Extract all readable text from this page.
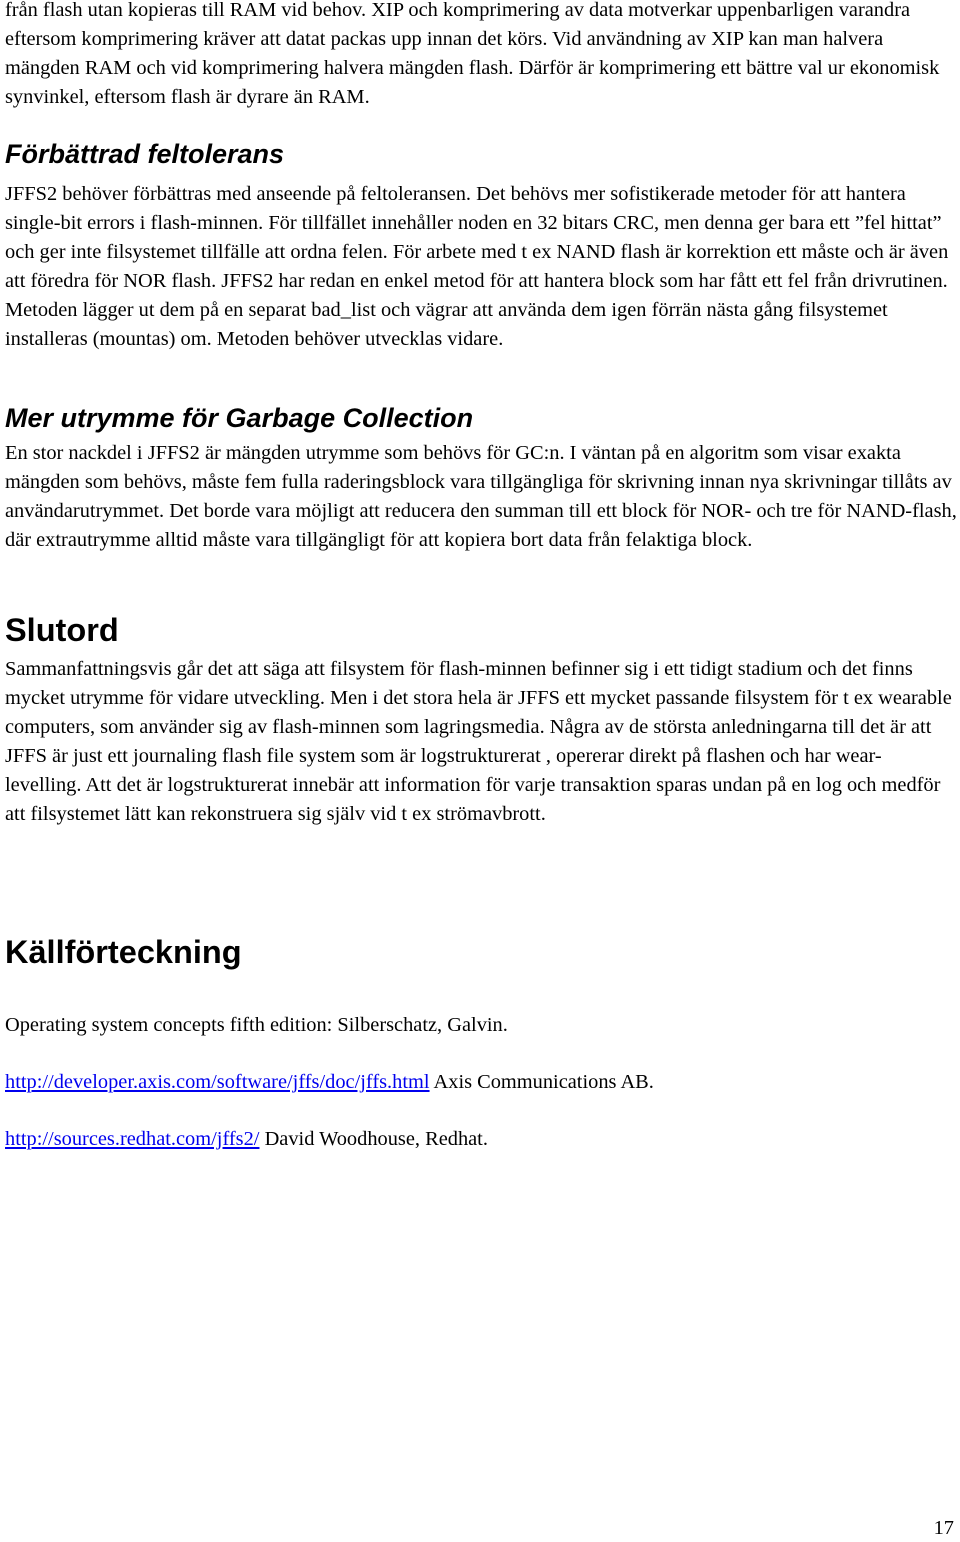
från flash utan kopieras till RAM vid behov. XIP och komprimering av data motverkar uppenbarligen varandra eftersom komprimering kräver att datat packas upp innan det körs. Vid användning av XIP kan man halvera mängden RAM och vid komprimering halvera mängden flash. Därför är komprimering ett bättre val ur ekonomisk synvinkel, eftersom flash är dyrare än RAM.

Förbättrad feltolerans

JFFS2 behöver förbättras med anseende på feltoleransen. Det behövs mer sofistikerade metoder för att hantera single-bit errors i flash-minnen. För tillfället innehåller noden en 32 bitars CRC, men denna ger bara ett ”fel hittat” och ger inte filsystemet tillfälle att ordna felen. För arbete med t ex NAND flash är korrektion ett måste och är även att föredra för NOR flash. JFFS2 har redan en enkel metod för att hantera block som har fått ett fel från drivrutinen. Metoden lägger ut dem på en separat bad_list och vägrar att använda dem igen förrän nästa gång filsystemet installeras (mountas) om. Metoden behöver utvecklas vidare.

Mer utrymme för Garbage Collection

En stor nackdel i JFFS2 är mängden utrymme som behövs för GC:n. I väntan på en algoritm som visar exakta mängden som behövs, måste fem fulla raderingsblock vara tillgängliga för skrivning innan nya skrivningar tillåts av användarutrymmet. Det borde vara möjligt att reducera den summan till ett block för NOR- och tre för NAND-flash, där extrautrymme alltid måste vara tillgängligt för att kopiera bort data från felaktiga block.

Slutord

Sammanfattningsvis går det att säga att filsystem för flash-minnen befinner sig i ett tidigt stadium och det finns mycket utrymme för vidare utveckling. Men i det stora hela är JFFS ett mycket passande filsystem för t ex wearable computers, som använder sig av flash-minnen som lagringsmedia. Några av de största anledningarna till det är att JFFS är just ett journaling flash file system som är logstrukturerat , opererar direkt på flashen och har wear-levelling. Att det är logstrukturerat innebär att information för varje transaktion sparas undan på en log och medför att filsystemet lätt kan rekonstruera sig själv vid t ex strömavbrott.

Källförteckning

Operating system concepts fifth edition: Silberschatz, Galvin.

http://developer.axis.com/software/jffs/doc/jffs.html Axis Communications AB.

http://sources.redhat.com/jffs2/ David Woodhouse, Redhat.

17
